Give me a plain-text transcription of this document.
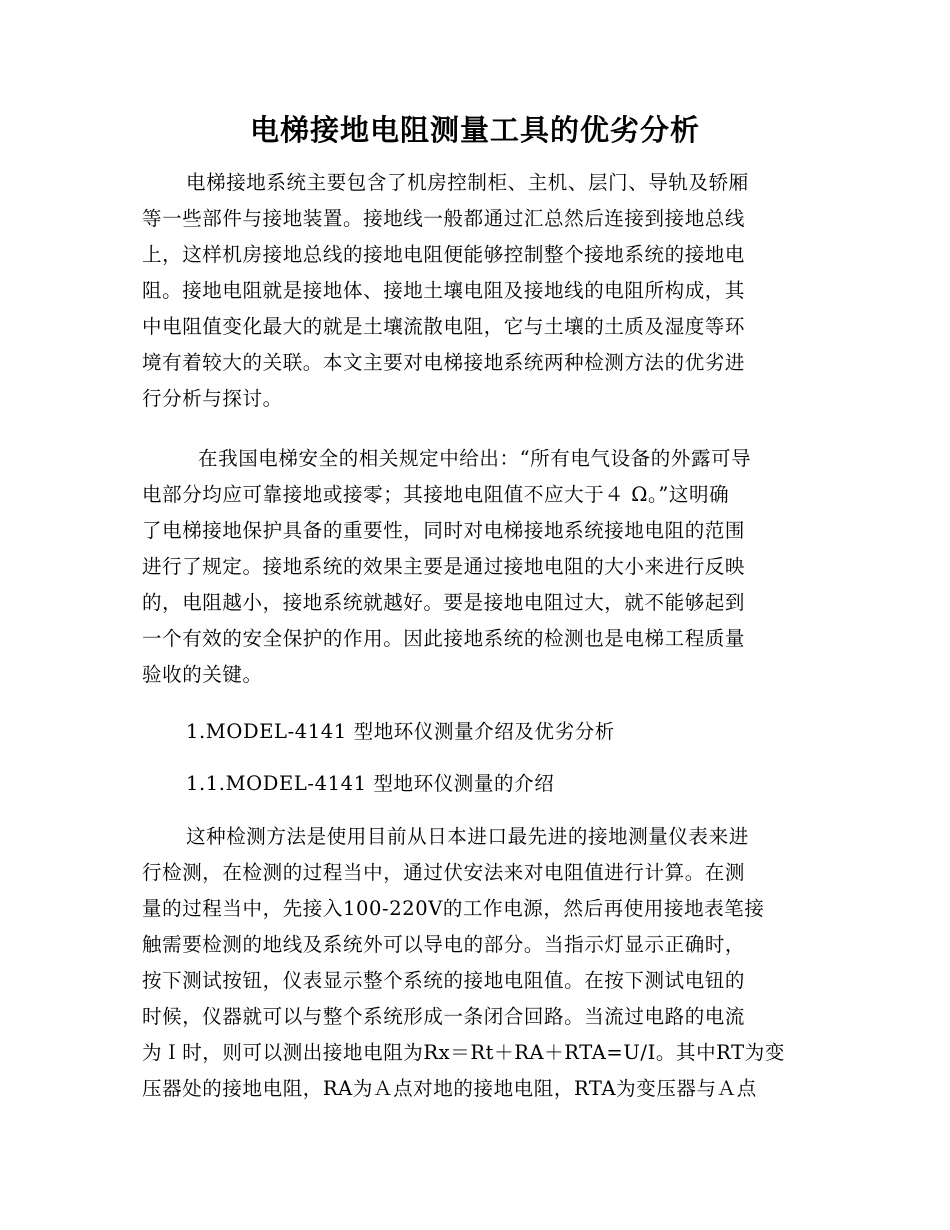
电梯接地电阻测量工具的优劣分析
电梯接地系统主要包含了机房控制柜、主机、层门、导轨及轿厢
等一些部件与接地装置。接地线一般都通过汇总然后连接到接地总线
上，这样机房接地总线的接地电阻便能够控制整个接地系统的接地电
阻。接地电阻就是接地体、接地土壤电阻及接地线的电阻所构成，其
中电阻值变化最大的就是土壤流散电阻，它与土壤的土质及湿度等环
境有着较大的关联。本文主要对电梯接地系统两种检测方法的优劣进
行分析与探讨。
在我国电梯安全的相关规定中给出：“所有电气设备的外露可导
电部分均应可靠接地或接零；其接地电阻值不应大于４ Ω。”这明确
了电梯接地保护具备的重要性，同时对电梯接地系统接地电阻的范围
进行了规定。接地系统的效果主要是通过接地电阻的大小来进行反映
的，电阻越小，接地系统就越好。要是接地电阻过大，就不能够起到
一个有效的安全保护的作用。因此接地系统的检测也是电梯工程质量
验收的关键。
1.MODEL-4141 型地环仪测量介绍及优劣分析
1.1.MODEL-4141 型地环仪测量的介绍
这种检测方法是使用目前从日本进口最先进的接地测量仪表来进
行检测，在检测的过程当中，通过伏安法来对电阻值进行计算。在测
量的过程当中，先接入100-220V的工作电源，然后再使用接地表笔接
触需要检测的地线及系统外可以导电的部分。当指示灯显示正确时，
按下测试按钮，仪表显示整个系统的接地电阻值。在按下测试电钮的
时候，仪器就可以与整个系统形成一条闭合回路。当流过电路的电流
为Ｉ时，则可以测出接地电阻为Rx＝Rt＋RA＋RTA=U/I。其中RT为变
压器处的接地电阻，RA为Ａ点对地的接地电阻，RTA为变压器与Ａ点
